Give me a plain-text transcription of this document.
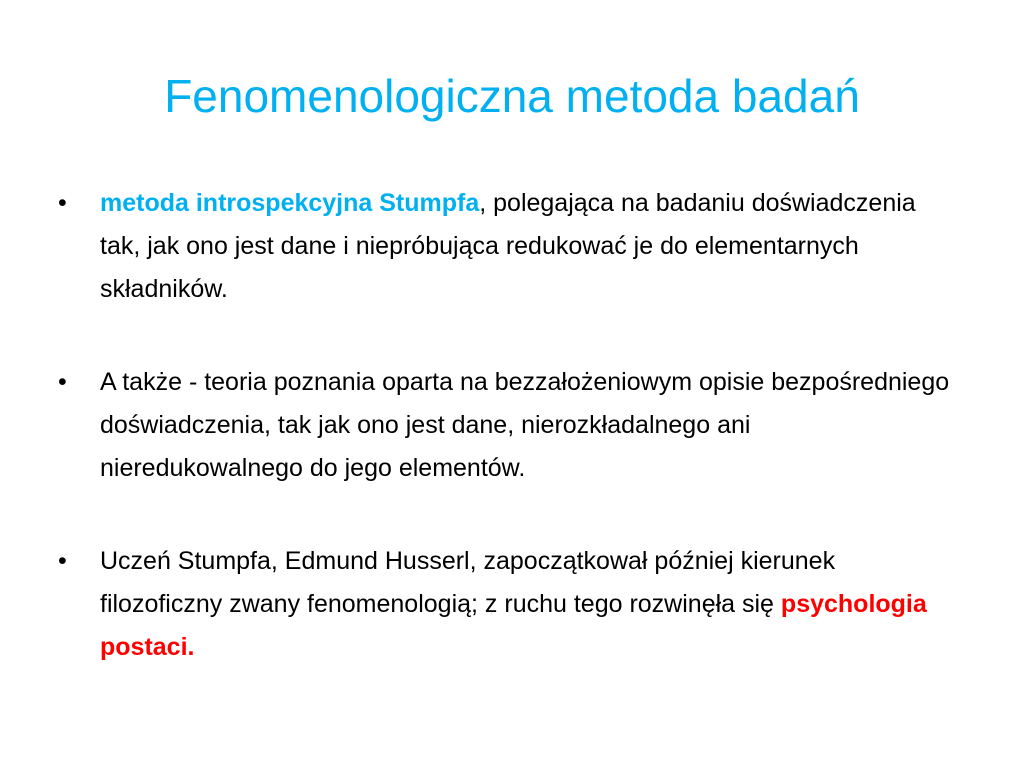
Fenomenologiczna metoda badań
•	metoda introspekcyjna Stumpfa, polegająca na badaniu doświadczenia tak, jak ono jest dane i niepróbująca redukować je do elementarnych składników.
•	A także - teoria poznania oparta na bezzałożeniowym opisie bezpośredniego doświadczenia, tak jak ono jest dane, nierozkładalnego ani nieredukowalnego do jego elementów.
•	Uczeń Stumpfa, Edmund Husserl, zapoczątkował później kierunek filozoficzny zwany fenomenologią; z ruchu tego rozwinęła się psychologia postaci.
